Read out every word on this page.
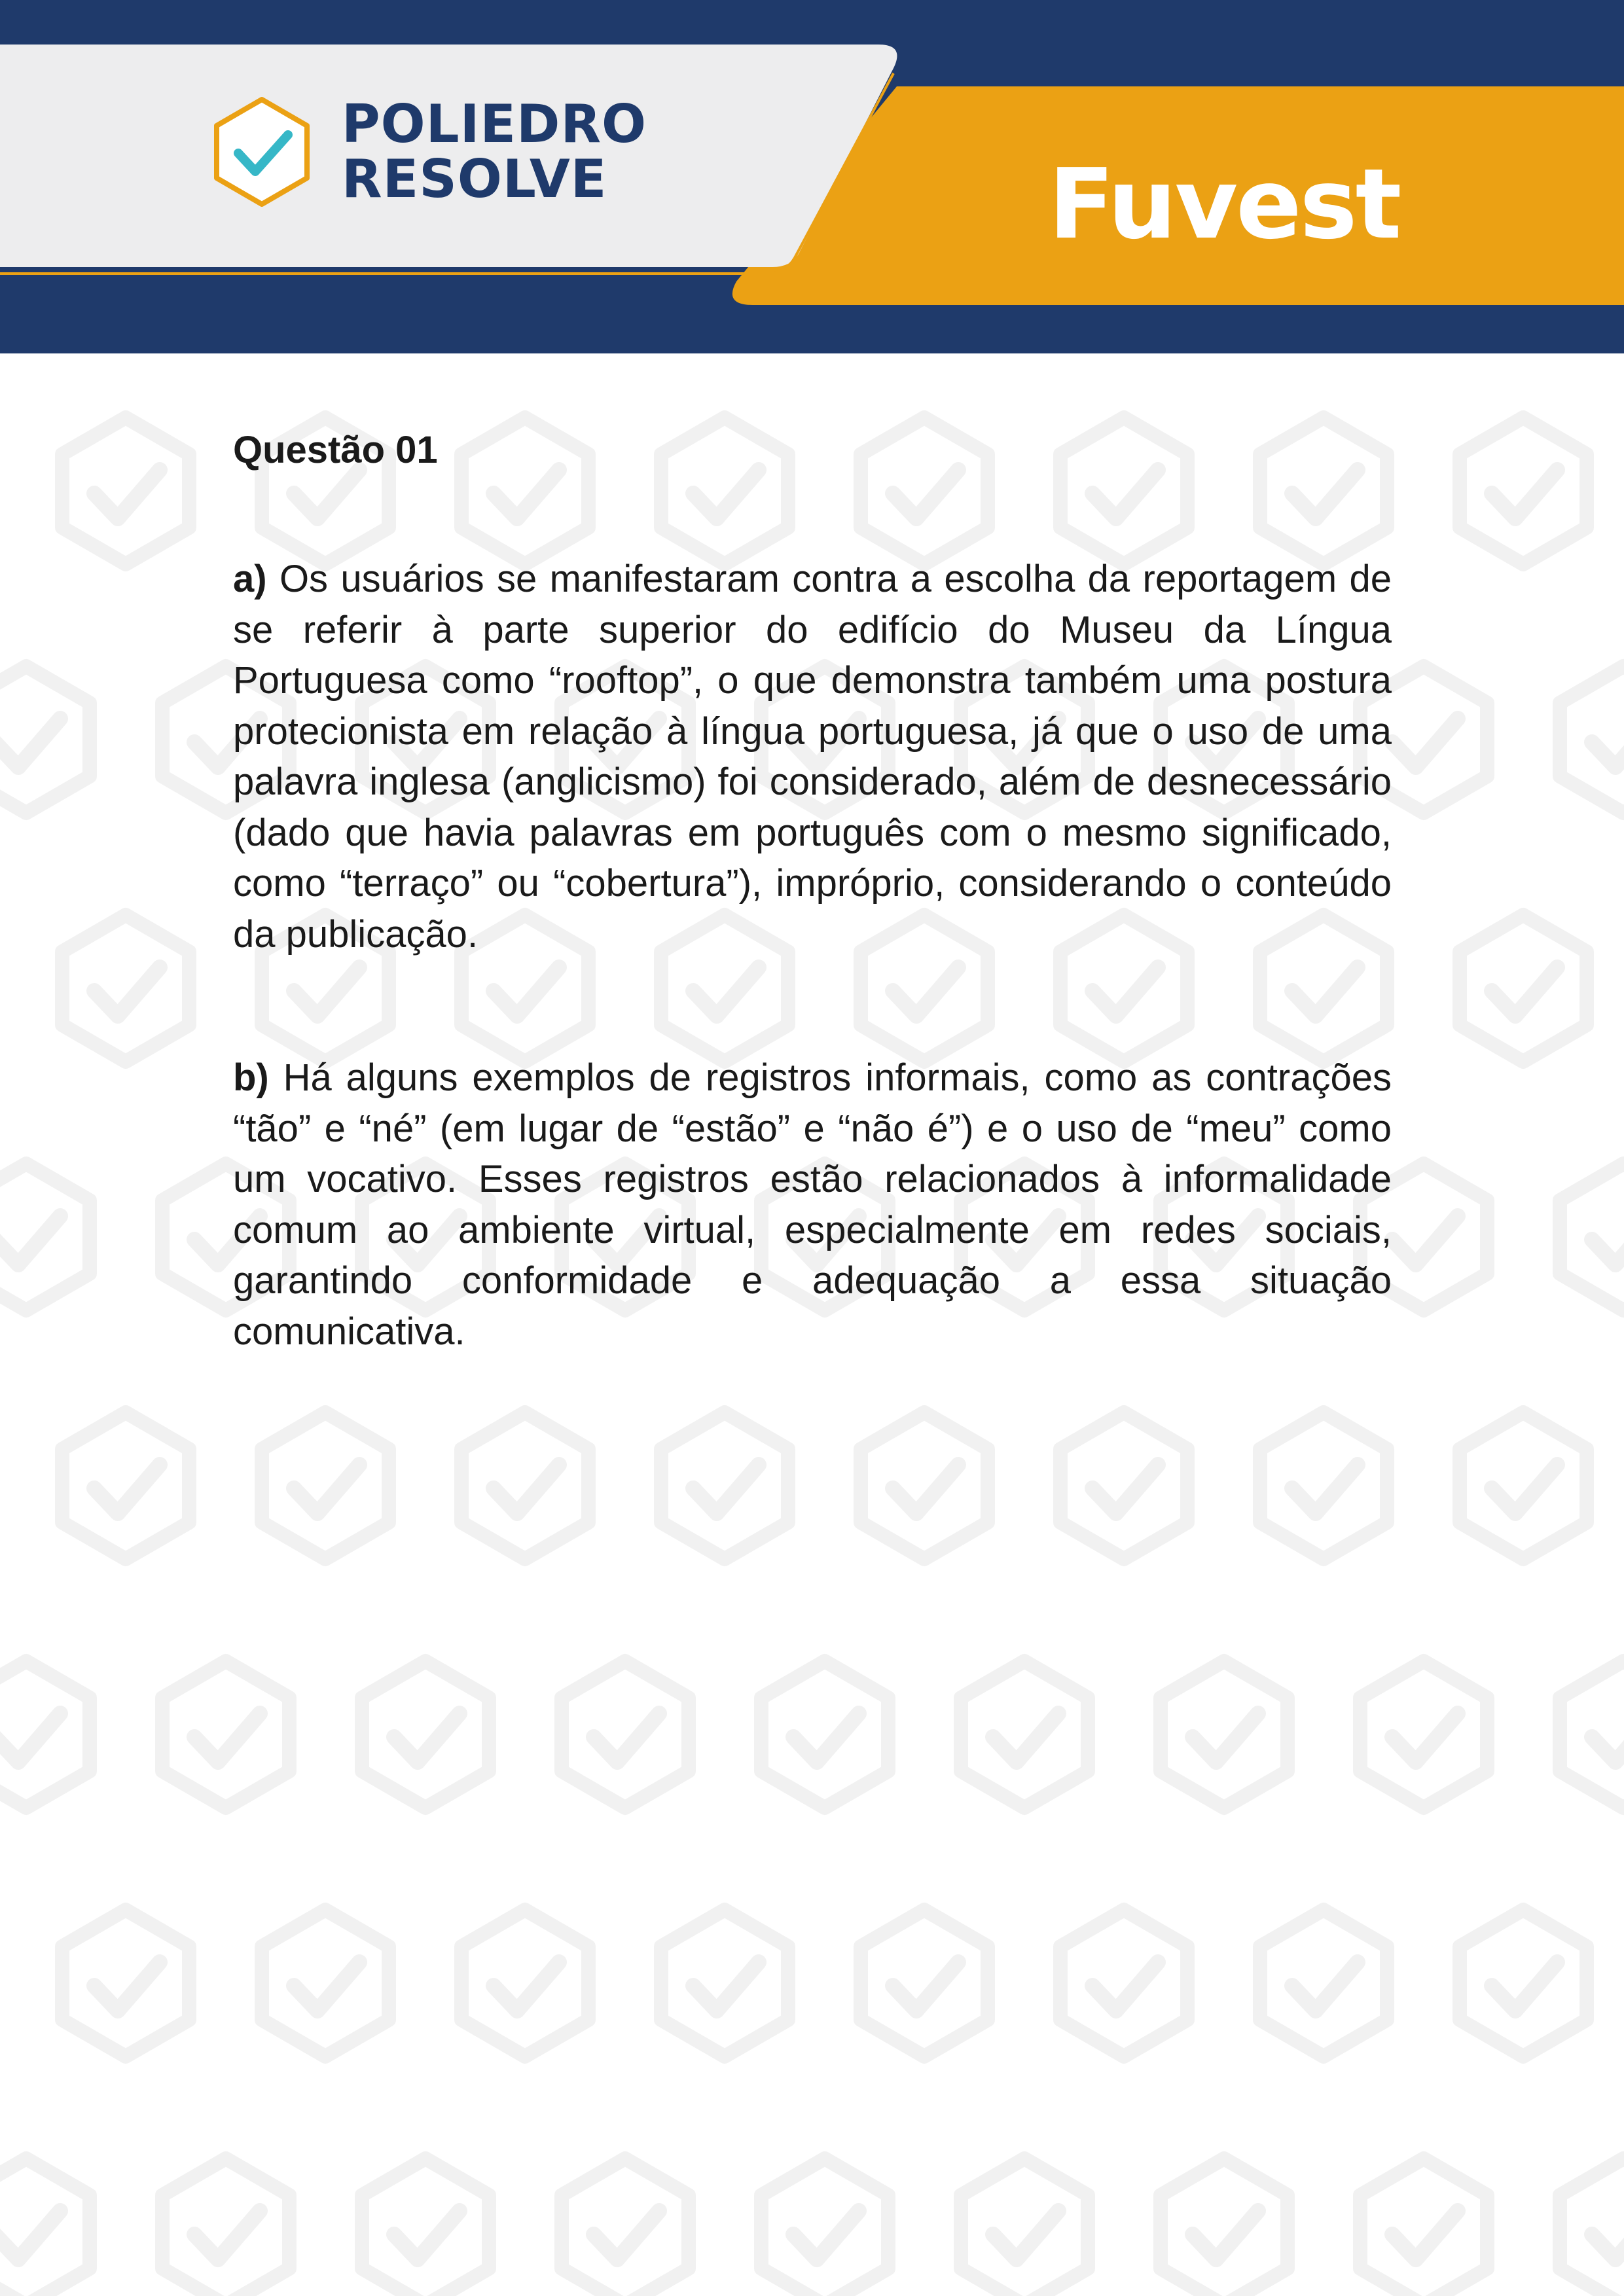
POLIEDRO
RESOLVE	Fuvest
Questão 01

a) Os usuários se manifestaram contra a escolha da reportagem de se referir à parte superior do edifício do Museu da Língua Portuguesa como “rooftop”, o que demonstra também uma postura protecionista em relação à língua portuguesa, já que o uso de uma palavra inglesa (anglicismo) foi considerado, além de desnecessário (dado que havia palavras em português com o mesmo significado, como “terraço” ou “cobertura”), impróprio, considerando o conteúdo da publicação.

b) Há alguns exemplos de registros informais, como as contrações “tão” e “né” (em lugar de “estão” e “não é”) e o uso de “meu” como um vocativo. Esses registros estão relacionados à informalidade comum ao ambiente virtual, especialmente em redes sociais, garantindo conformidade e adequação a essa situação comunicativa.
